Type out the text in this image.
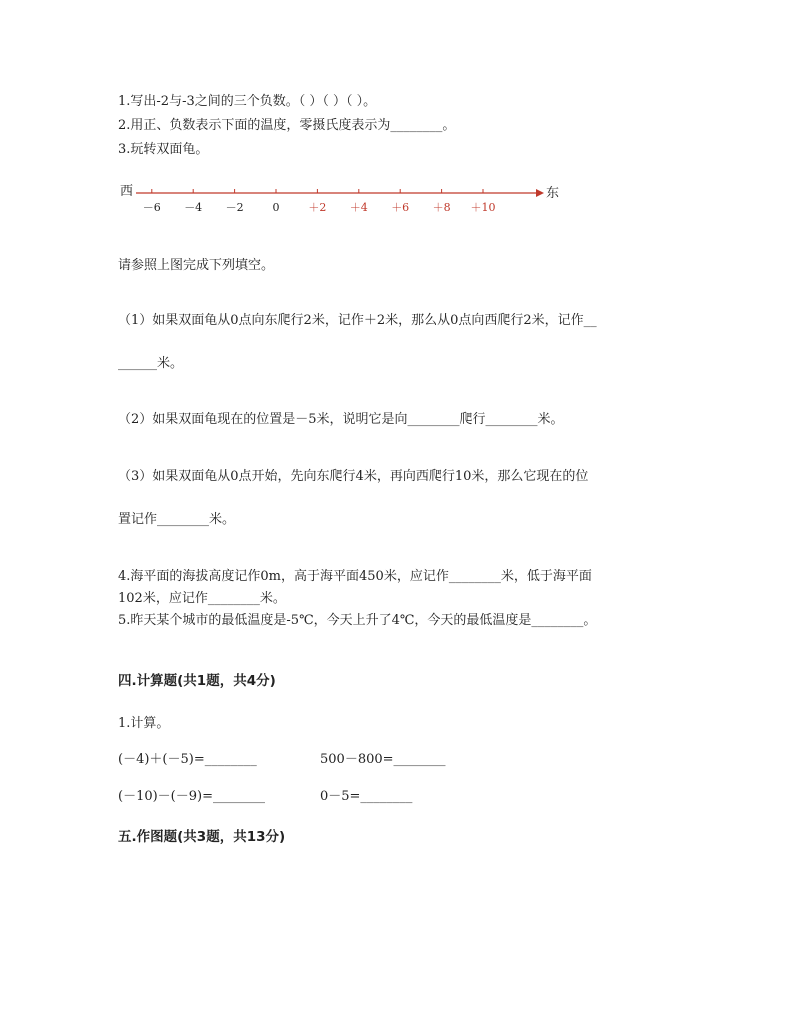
1.写出-2与-3之间的三个负数。（ ）（ ）（ ）。
2.用正、负数表示下面的温度，零摄氏度表示为________。
3.玩转双面龟。
西	东
－6 －4 －2	0	＋2 ＋4 ＋6 ＋8 ＋10
请参照上图完成下列填空。
（1）如果双面龟从0点向东爬行2米，记作＋2米，那么从0点向西爬行2米，记作__
______米。
（2）如果双面龟现在的位置是－5米，说明它是向________爬行________米。
（3）如果双面龟从0点开始，先向东爬行4米，再向西爬行10米，那么它现在的位
置记作________米。
4.海平面的海拔高度记作0m，高于海平面450米，应记作________米，低于海平面
102米，应记作________米。
5.昨天某个城市的最低温度是-5℃，今天上升了4℃，今天的最低温度是________。
四.计算题(共1题，共4分)
1.计算。
(－4)＋(－5)=________	500－800=________
(－10)－(－9)=________	0－5=________
五.作图题(共3题，共13分)
